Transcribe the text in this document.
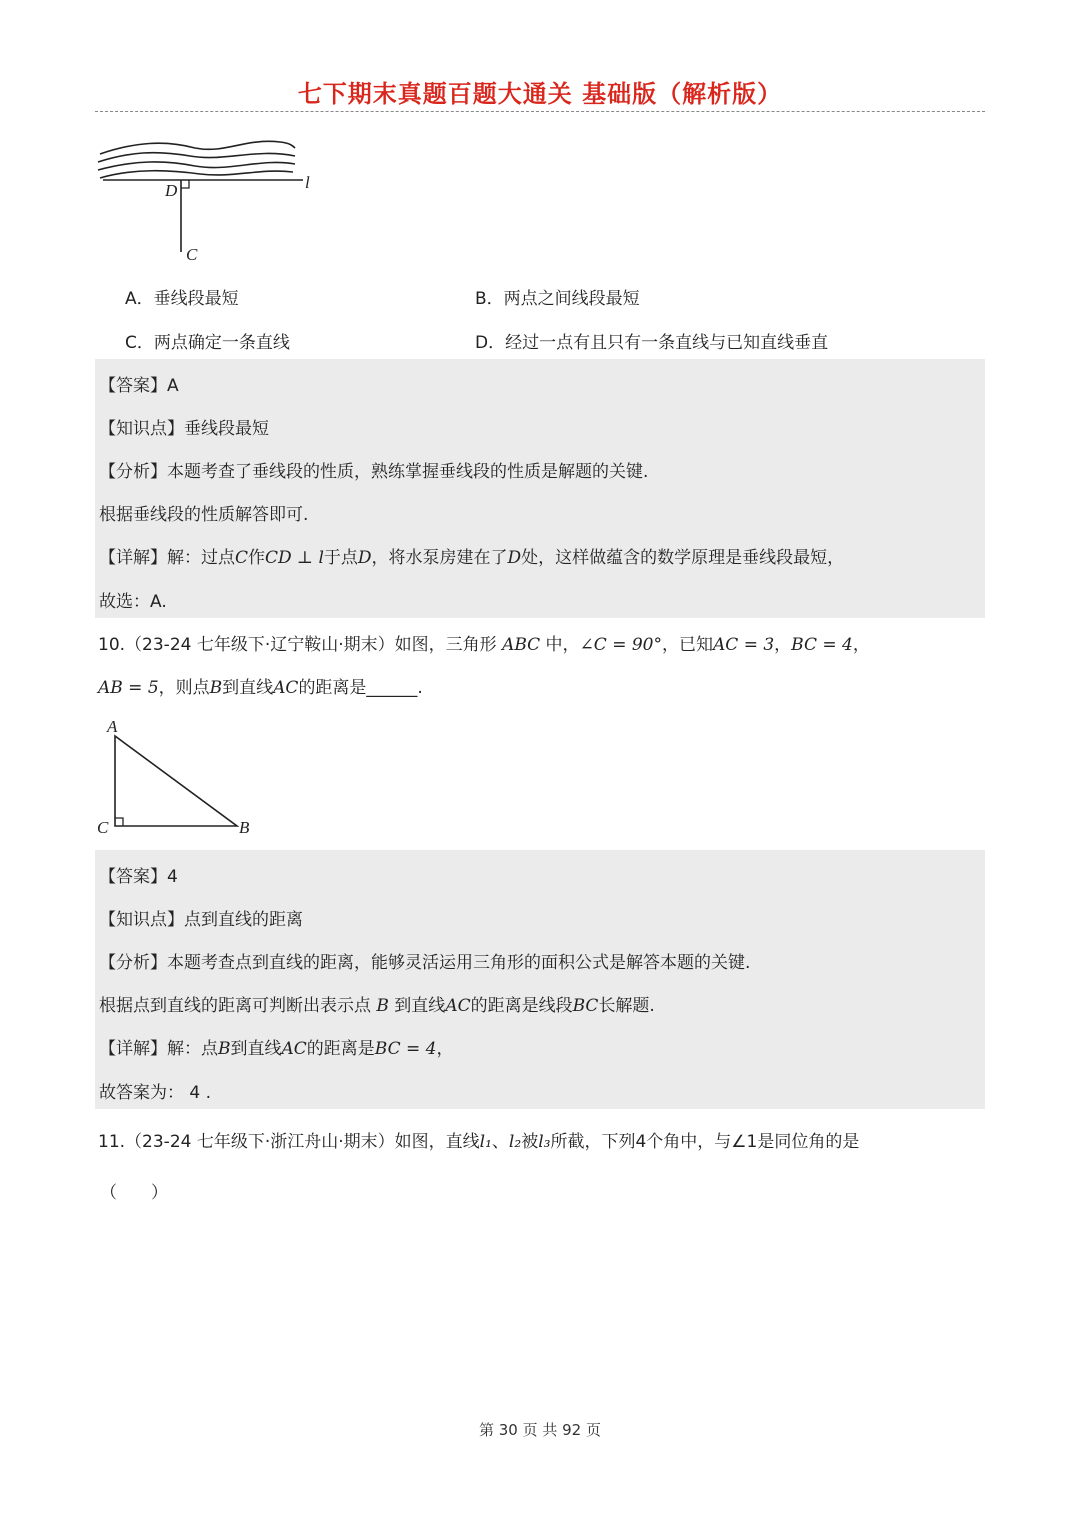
七下期末真题百题大通关 基础版（解析版）
D	l
C
A．垂线段最短	B．两点之间线段最短
C．两点确定一条直线	D．经过一点有且只有一条直线与已知直线垂直
【答案】A
【知识点】垂线段最短
【分析】本题考查了垂线段的性质，熟练掌握垂线段的性质是解题的关键.
根据垂线段的性质解答即可.
【详解】解：过点C作CD ⊥ l于点D，将水泵房建在了D处，这样做蕴含的数学原理是垂线段最短，
故选：A.
10.（23-24 七年级下·辽宁鞍山·期末）如图，三角形 ABC 中，∠C = 90°，已知AC = 3，BC = 4，
AB = 5，则点B到直线AC的距离是______.
A
C	B
【答案】4
【知识点】点到直线的距离
【分析】本题考查点到直线的距离，能够灵活运用三角形的面积公式是解答本题的关键.
根据点到直线的距离可判断出表示点 B 到直线AC的距离是线段BC长解题.
【详解】解：点B到直线AC的距离是BC = 4，
故答案为： 4 .
11.（23-24 七年级下·浙江舟山·期末）如图，直线l₁、l₂被l₃所截，下列4个角中，与∠1是同位角的是
（　　）
第 30 页 共 92 页
